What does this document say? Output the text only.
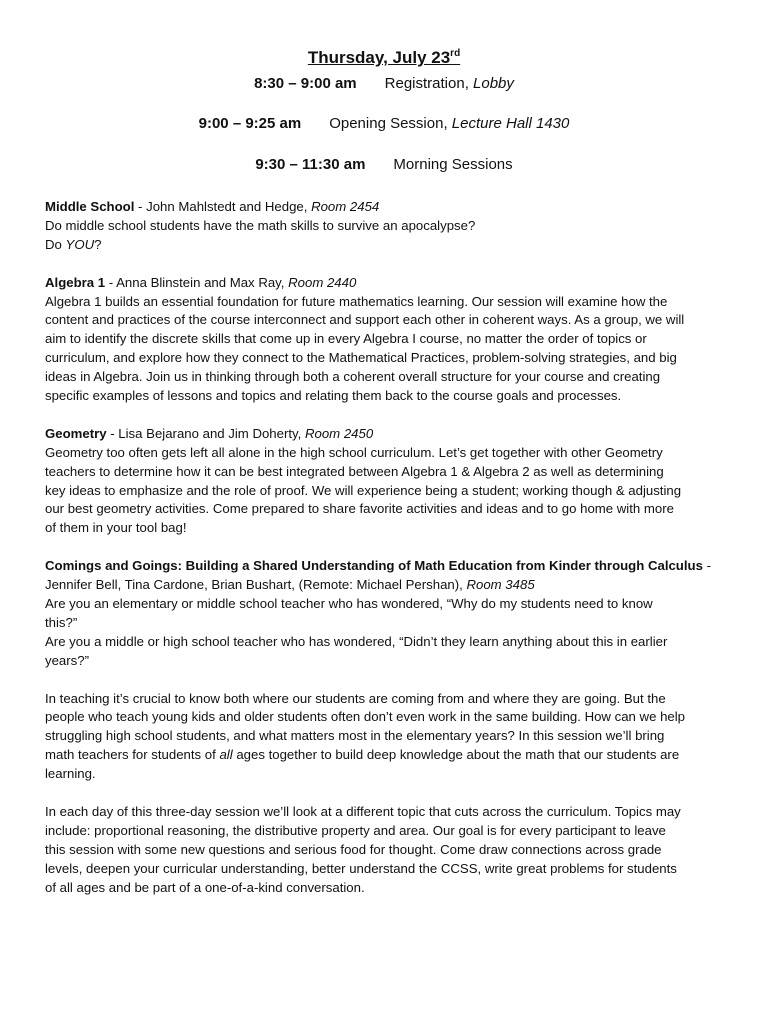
Thursday, July 23rd
8:30 – 9:00 am Registration, Lobby
9:00 – 9:25 am Opening Session, Lecture Hall 1430
9:30 – 11:30 am Morning Sessions
Middle School - John Mahlstedt and Hedge, Room 2454
Do middle school students have the math skills to survive an apocalypse?
Do YOU?
Algebra 1 - Anna Blinstein and Max Ray, Room 2440
Algebra 1 builds an essential foundation for future mathematics learning. Our session will examine how the
content and practices of the course interconnect and support each other in coherent ways. As a group, we will
aim to identify the discrete skills that come up in every Algebra I course, no matter the order of topics or
curriculum, and explore how they connect to the Mathematical Practices, problem-solving strategies, and big
ideas in Algebra. Join us in thinking through both a coherent overall structure for your course and creating
specific examples of lessons and topics and relating them back to the course goals and processes.
Geometry - Lisa Bejarano and Jim Doherty, Room 2450
Geometry too often gets left all alone in the high school curriculum. Let’s get together with other Geometry
teachers to determine how it can be best integrated between Algebra 1 & Algebra 2 as well as determining
key ideas to emphasize and the role of proof. We will experience being a student; working though & adjusting
our best geometry activities. Come prepared to share favorite activities and ideas and to go home with more
of them in your tool bag!
Comings and Goings: Building a Shared Understanding of Math Education from Kinder through Calculus -
Jennifer Bell, Tina Cardone, Brian Bushart, (Remote: Michael Pershan), Room 3485
Are you an elementary or middle school teacher who has wondered, “Why do my students need to know
this?”
Are you a middle or high school teacher who has wondered, “Didn’t they learn anything about this in earlier
years?”
In teaching it’s crucial to know both where our students are coming from and where they are going. But the
people who teach young kids and older students often don’t even work in the same building. How can we help
struggling high school students, and what matters most in the elementary years? In this session we’ll bring
math teachers for students of all ages together to build deep knowledge about the math that our students are
learning.
In each day of this three-day session we’ll look at a different topic that cuts across the curriculum. Topics may
include: proportional reasoning, the distributive property and area. Our goal is for every participant to leave
this session with some new questions and serious food for thought. Come draw connections across grade
levels, deepen your curricular understanding, better understand the CCSS, write great problems for students
of all ages and be part of a one-of-a-kind conversation.
